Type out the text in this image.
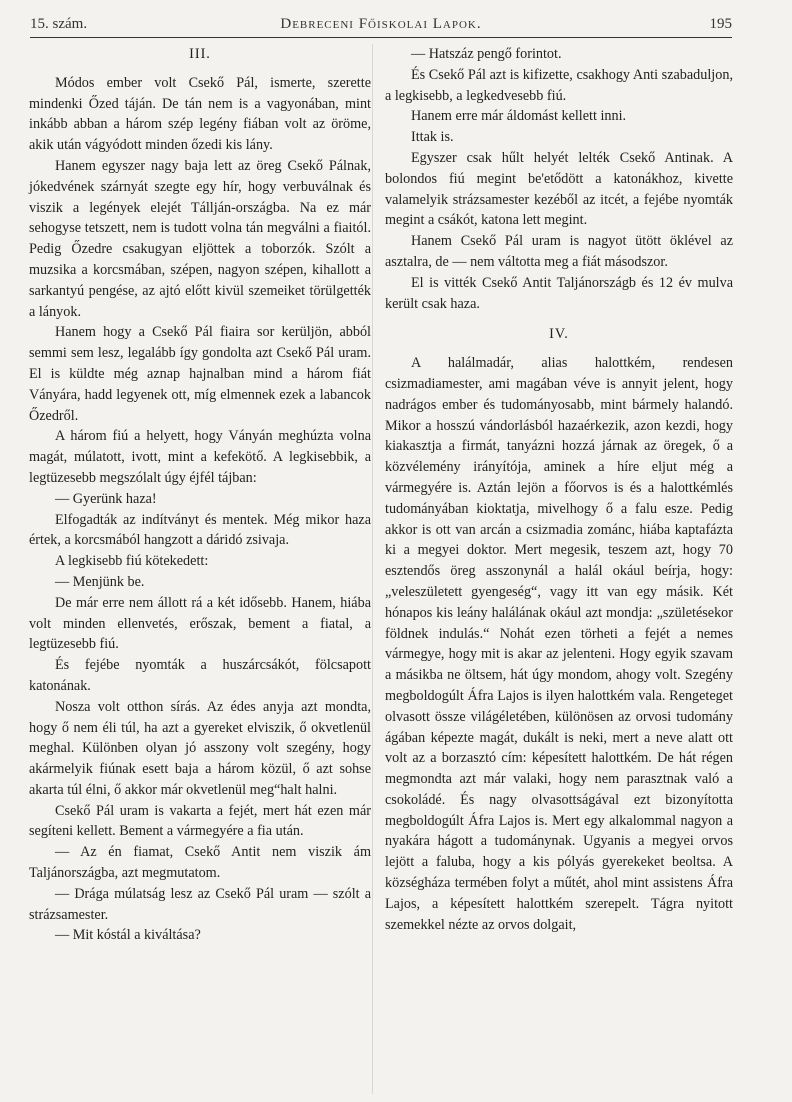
15. szám.	Debreceni Főiskolai Lapok.	195
III.

Módos ember volt Csekő Pál, ismerte, szerette mindenki Őzed táján. De tán nem is a vagyonában, mint inkább abban a három szép legény fiában volt az öröme, akik után vágyódott minden őzedi kis lány.

Hanem egyszer nagy baja lett az öreg Csekő Pálnak, jókedvének szárnyát szegte egy hír, hogy verbuválnak és viszik a legények elejét Tállján-országba. Na ez már sehogyse tetszett, nem is tudott volna tán megválni a fiaitól. Pedig Őzedre csakugyan eljöttek a toborzók. Szólt a muzsika a korcsmában, szépen, nagyon szépen, kihallott a sarkantyú pengése, az ajtó előtt kivül szemeiket törülgették a lányok.

Hanem hogy a Csekő Pál fiaira sor kerüljön, abból semmi sem lesz, legalább így gondolta azt Csekő Pál uram. El is küldte még aznap hajnalban mind a három fiát Ványára, hadd legyenek ott, míg elmennek ezek a labancok Őzedről.

A három fiú a helyett, hogy Ványán meghúzta volna magát, múlatott, ivott, mint a kefekötő. A legkisebbik, a legtüzesebb megszólalt úgy éjfél tájban:

— Gyerünk haza!

Elfogadták az indítványt és mentek. Még mikor haza értek, a korcsmából hangzott a dáridó zsivaja.

A legkisebb fiú kötekedett:

— Menjünk be.

De már erre nem állott rá a két idősebb. Hanem, hiába volt minden ellenvetés, erőszak, bement a fiatal, a legtüzesebb fiú.

És fejébe nyomták a huszárcsákót, fölcsapott katonának.

Nosza volt otthon sírás. Az édes anyja azt mondta, hogy ő nem éli túl, ha azt a gyereket elviszik, ő okvetlenül meghal. Különben olyan jó asszony volt szegény, hogy akármelyik fiúnak esett baja a három közül, ő azt sohse akarta túl élni, ő akkor már okvetlenül meg“halt halni.

Csekő Pál uram is vakarta a fejét, mert hát ezen már segíteni kellett. Bement a vármegyére a fia után.

— Az én fiamat, Csekő Antit nem viszik ám Taljánországba, azt megmutatom.

— Drága múlatság lesz az Csekő Pál uram — szólt a strázsamester.

— Mit kóstál a kiváltása?

— Hatszáz pengő forintot.

És Csekő Pál azt is kifizette, csakhogy Anti szabaduljon, a legkisebb, a legkedvesebb fiú.

Hanem erre már áldomást kellett inni.

Ittak is.

Egyszer csak hűlt helyét lelték Csekő Antinak. A bolondos fiú megint be'etődött a katonákhoz, kivette valamelyik strázsamester kezéből az itcét, a fejébe nyomták megint a csákót, katona lett megint.

Hanem Csekő Pál uram is nagyot ütött öklével az asztalra, de — nem váltotta meg a fiát másodszor.

El is vitték Csekő Antit Taljánországb és 12 év mulva került csak haza.

IV.

A halálmadár, alias halottkém, rendesen csizmadiamester, ami magában véve is annyit jelent, hogy nadrágos ember és tudományosabb, mint bármely halandó. Mikor a hosszú vándorlásból hazaérkezik, azon kezdi, hogy kiakasztja a firmát, tanyázni hozzá járnak az öregek, ő a közvélemény irányítója, aminek a híre eljut még a vármegyére is. Aztán lejön a főorvos is és a halottkémlés tudományában kioktatja, mivelhogy ő a falu esze. Pedig akkor is ott van arcán a csizmadia zománc, hiába kaptafázta ki a megyei doktor. Mert megesik, teszem azt, hogy 70 esztendős öreg asszonynál a halál okául beírja, hogy: „veleszületett gyengeség“, vagy itt van egy másik. Két hónapos kis leány halálának okául azt mondja: „születésekor földnek indulás.“ Nohát ezen törheti a fejét a nemes vármegye, hogy mit is akar az jelenteni. Hogy egyik szavam a másikba ne öltsem, hát úgy mondom, ahogy volt. Szegény megboldogúlt Áfra Lajos is ilyen halottkém vala. Rengeteget olvasott össze világéletében, különösen az orvosi tudomány ágában képezte magát, dukált is neki, mert a neve alatt ott volt az a borzasztó cím: képesített halottkém. De hát régen megmondta azt már valaki, hogy nem parasztnak való a csokoládé. És nagy olvasottságával ezt bizonyította megboldogúlt Áfra Lajos is. Mert egy alkalommal nagyon a nyakára hágott a tudománynak. Ugyanis a megyei orvos lejött a faluba, hogy a kis pólyás gyerekeket beoltsa. A községháza termében folyt a műtét, ahol mint assistens Áfra Lajos, a képesített halottkém szerepelt. Tágra nyitott szemekkel nézte az orvos dolgait,
